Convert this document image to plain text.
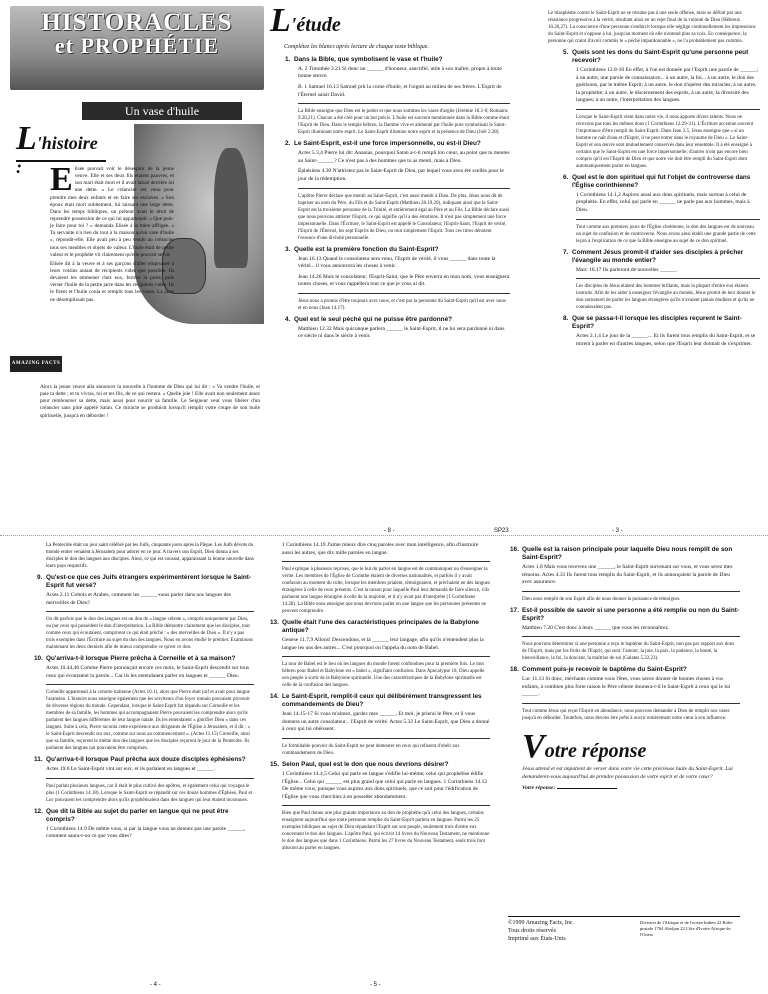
HISTORACLES
et PROPHÉTIE
Un vase d'huile
L'histoire : E lisée pouvait voir le désespoir de la jeune veuve. Elle et ses deux fils étaient pauvres, et son mari était mort et il avait laissé derrière lui une dette. « Le créancier est venu pour prendre mes deux enfants et en faire ses esclaves. » Son époux était mort subitement, lui laissant une large dette. Dans les temps bibliques, un prêteur avait le droit de reprendre possession de ce qui lui appartenait. « Que puis-je faire pour toi ? » demanda Elisée à la mère affligée. « Ta servante n'a rien du tout à la maison qu'un vase d'huile », répondit-elle. Elle avait peu à peu vendu au créancier tous ses meubles et objets de valeur. L'huile était de petite valeur et le prophète vit clairement qu'elle pouvait servir.

Elisée dit à la veuve et à ses garçons d'aller emprunter à leurs voisins autant de récipients vides que possible. Ils devaient les emmener chez eux, fermer la porte, puis verser l'huile de la petite jarre dans les récipients vides. Ils le firent et l'huile coula et remplit tous les vases. La jarre ne désemplissait pas.

AMAZING FACTS
Alors la jeune veuve alla annoncer la nouvelle à l'homme de Dieu qui lui dit : « Va vendre l'huile, et paie ta dette ; et tu vivras, toi et tes fils, de ce qui restera. » Quelle joie ! Elle avait non seulement assez pour rembourser sa dette, mais aussi pour nourrir sa famille. Le Seigneur veut vous libérer d'un créancier sans pitié appelé Satan. Ce miracle se produisit lorsqu'il remplit votre coupe de son huile spirituelle, jusqu'à en déborder !
L'étude
Complétez les blancs après lecture de chaque texte biblique.
1. Dans la Bible, que symbolisent le vase et l'huile?
A. 2 Timothée 2.21 Si donc un ______ d'honneur, sanctifié, utile à son maître, propre à toute bonne œuvre.
B. 1 Samuel 16.13 Samuel prit la corne d'huile, et l'oignit au milieu de ses frères. L'Esprit de l'Éternel saisit David.
La Bible enseigne que Dieu est le potier et que nous sommes les vases d'argile (Jérémie 18.1-6; Romains 9.20,21). Chacun a été créé pour un but précis. L'huile est souvent mentionnée dans la Bible comme étant l'Esprit de Dieu. Dans le temple hébreu, la flamme vive et alimenté par l'huile pure symbolisait le Saint-Esprit illuminant notre esprit. Le Saint-Esprit illumine notre esprit et la présence de Dieu (Joël 2.28).
2. Le Saint-Esprit, est-il une force impersonnelle, ou est-il Dieu?
Actes 5.3,4 Pierre lui dit: Ananias, pourquoi Satan a-t-il rempli ton cœur, au point que tu mentes au Saint-______? Ce n'est pas à des hommes que tu as menti, mais à Dieu.
Éphésiens 4.30 N'attristez pas le Saint-Esprit de Dieu, par lequel vous avez été scellés pour le jour de la rédemption.
L'apôtre Pierre déclare que mentir au Saint-Esprit, c'est aussi mentir à Dieu. De plus, Jésus nous dit de baptiser au nom du Père, du Fils et du Saint-Esprit (Matthieu 28.19,20), indiquant ainsi que le Saint-Esprit est la troisième personne de la Trinité, et entièrement égal au Père et au Fils. La Bible déclare aussi que nous pouvons attrister l'Esprit, ce qui signifie qu'il a des émotions. Il n'est pas simplement une force impersonnelle. Dans l'Écriture, le Saint-Esprit est appelé le Consolateur, l'Esprit-Saint, l'Esprit de vérité, l'Esprit de l'Éternel, les sept Esprits de Dieu, ou tout simplement l'Esprit. Tous ces titres dénotent l'essence d'une divinité personnelle.
3. Quelle est la première fonction du Saint-Esprit?
Jean 16.13 Quand le consolateur sera venu, l'Esprit de vérité, il vous ______ dans toute la vérité... il vous annoncera les choses à venir.
Jean 14.26 Mais le consolateur, l'Esprit-Saint, que le Père enverra en mon nom, vous enseignera toutes choses, et vous rappellera tout ce que je vous ai dit.
Jésus nous a promis d'être toujours avec nous, et c'est par la personne du Saint-Esprit qu'il est avec nous et en nous (Jean 14.17).
4. Quel est le seul péché qui ne puisse être pardonné?
Matthieu 12.32 Mais quiconque parlera ______ le Saint-Esprit, il ne lui sera pardonné ni dans ce siècle ni dans le siècle à venir.
- 8 -	SP23
Le blasphème contre le Saint-Esprit ne se résume pas à une seule offense, mais se définit par une résistance progressive à la vérité, résultant ainsi en un rejet final de la volonté de Dieu (Hébreux 10.26,27). La conscience d'une personne s'endurcit lorsque elle néglige continuellement les impressions du Saint-Esprit et s'oppose à lui, jusqu'au moment où elle n'entend plus sa voix. En conséquence, la personne qui craint d'avoir commis le « péché impardonnable », ne l'a probablement pas commis.
5. Quels sont les dons du Saint-Esprit qu'une personne peut recevoir?
1 Corinthiens 12.8-10 En effet, à l'un est donnée par l'Esprit une parole de ______; à un autre, une parole de connaissance... à un autre, la foi... à un autre, le don des guérisons, par le même Esprit; à un autre, le don d'opérer des miracles; à un autre, la prophétie; à un autre, le discernement des esprits, à un autre, la diversité des langues; à un autre, l'interprétation des langues.
Lorsque le Saint-Esprit vient dans notre vie, il nous apporte divers talents. Nous ne recevons pas tous les mêmes dons (1 Corinthiens 12.29-31). L'Écriture accentue souvent l'importance d'être rempli du Saint-Esprit. Dans Jean 3.5, Jésus enseigne que « si un homme ne naît d'eau et d'Esprit, il ne peut entrer dans le royaume de Dieu ». Le Saint-Esprit et son œuvre sont mutuellement conservés dans leur ensemble. Il a été enseigné à certains que le Saint-Esprit est une force impersonnelle; d'autres n'ont pas encore bien compris qu'il est l'Esprit de Dieu et que notre vie doit être rempli du Saint-Esprit dont automatiquement parler en langues.
6. Quel est le don spirituel qui fut l'objet de controverse dans l'Église corinthienne?
1 Corinthiens 14.1,2 Aspirez aussi aux dons spirituels, mais surtout à celui de prophétie. En effet, celui qui parle en ______ ne parle pas aux hommes, mais à Dieu.
Tout comme aux premiers jours de l'Église chrétienne, le don des langues est de nouveau un sujet de confusion et de controverse. Nous avons ainsi établi une grande partie de cette leçon à l'explication de ce que la Bible enseigne au sujet de ce don spirituel.
7. Comment Jésus promit-il d'aider ses disciples à prêcher l'évangile au monde entier?
Marc 16.17 Ils parleront de nouvelles ______.
Les disciples de Jésus étaient des hommes brillants, mais la plupart d'entre eux étaient instruits. Afin de les aider à enseigner l'évangile au monde, Jésus promit de leur donner le don surnaturel de parler les langues étrangères qu'ils n'avaient jamais étudiées et qu'ils ne connaissaient pas.
8. Que se passa-t-il lorsque les disciples reçurent le Saint-Esprit?
Actes 2.1,4 Le jour de la ______... Et ils furent tous remplis du Saint-Esprit, et se mirent à parler en d'autres langues, selon que l'Esprit leur donnait de s'exprimer.
- 3 -
La Pentecôte était un jour saint célébré par les Juifs, cinquante jours après la Pâque. Les Juifs dévots du monde entier venaient à Jérusalem pour adorer en ce jour. A travers son Esprit, Dieu donna à ses disciples le don des langues aux disciples. Ainsi, ce qui est courant, apparaissant la bonne nouvelle dans leurs pays respectifs.
9. Qu'est-ce que ces Juifs étrangers expérimentèrent lorsque le Saint-Esprit fut versé?
Actes 2.11 Crétois et Arabes, comment les ______-nous parler dans nos langues des merveilles de Dieu?
On dit parfois que le don des langues est un don de « langue céleste », compris uniquement par Dieu, ou par ceux qui possèdent le don d'interprétation. La Bible démontre clairement que les disciples, tout comme ceux qui écoutaient, comprirent ce qui était prêché : « des merveilles de Dieu ». Il n'y a pas trois exemples dans l'Écriture au sujet du don des langues. Nous en avons étudié le premier. Examinons maintenant les deux derniers afin de mieux comprendre ce qu'est ce don.
10. Qu'arriva-t-il lorsque Pierre prêcha à Corneille et à sa maison?
Actes 10.44,46 Comme Pierre prononçait encore ces mots, le Saint-Esprit descendit sur tous ceux qui écoutaient la parole... Car ils les entendaient parler en langues et ______ Dieu.
Corneille appartenait à la cohorte italienne (Actes 10.1), alors que Pierre était juif et avait pour langue l'araméen. L'histoire nous enseigne également que les serviteurs d'un foyer romain pouvaient provenir de diverses régions du monde. Cependant, lorsque le Saint-Esprit fut répandu sur Corneille et les membres de sa famille, les hommes qui accompagnaient Pierre pouvaient les comprendre alors qu'ils parlaient des langues différentes de leur langue natale. Ils les entendaient « glorifier Dieu » dans ces langues. Suite à cela, Pierre raconta cette expérience aux dirigeants de l'Église à Jérusalem, et il dit : « le Saint-Esprit descendit sur eux, comme sur nous au commencement ». (Actes 11.15) Corneille, ainsi que sa famille, reçurent le même don des langues que les disciples reçurent le jour de la Pentecôte. Ils parlaient des langues qui pouvaient être comprises.
11. Qu'arriva-t-il lorsque Paul prêcha aux douze disciples éphésiens?
Actes 19.6 Le Saint-Esprit vint sur eux, et ils parlaient en langues et ______.
Paul parlait plusieurs langues, car il était le plus cultivé des apôtres, et également celui qui voyagea le plus (1 Corinthiens 14.18). Lorsque le Saint-Esprit se répandit sur ces douze hommes d'Éphèse, Paul et Luc pouvaient les comprendre alors qu'ils prophétisaient dans des langues qui leur étaient inconnues.
12. Que dit la Bible au sujet du parler en langue qui ne peut être compris?
1 Corinthiens 14.9 De même vous, si par la langue vous ne donnez pas une parole ______, comment saura-t-on ce que vous dites?
- 4 -
1 Corinthiens 14.19 J'aime mieux dire cinq paroles avec mon intelligence, afin d'instruire aussi les autres, que dix mille paroles en langue.
Paul explique à plusieurs reprises, que le but du parler en langue est de communiquer ou d'enseigner la vérité. Les membres de l'Église de Corinthe étaient de diverses nationalités, et parfois il y avait confusion au moment du culte, lorsque les membres priaient, témoignaient, et prêchaient en des langues étrangères à celle de ceux présents. C'est la raison pour laquelle Paul leur demanda de faire silence, s'ils parlaient une langue étrangère à celle de la majorité, et il n'y avait pas d'interprète (1 Corinthiens 14.28). La Bible nous enseigne que nous devrions parler en une langue que les personnes présentes ne peuvent comprendre.
13. Quelle était l'une des caractéristiques principales de la Babylone antique?
Genèse 11.7,9 Allons! Descendons, et là ______ leur langage, afin qu'ils n'entendent plus la langue les uns des autres... C'est pourquoi on l'appela du nom de Babel.
La tour de Babel est le lieu où les langues du monde furent confondues pour la première fois. Le mot hébreu pour Babel et Babylone est « babel », signifiant confusion. Dans Apocalypse 18, Dieu appelle son peuple à sortir de la Babylone spirituelle. Une des caractéristiques de la Babylone spirituelle est celle de la confusion des langues.
14. Le Saint-Esprit, remplit-il ceux qui délibérément transgressent les commandements de Dieu?
Jean 14.15-17 Si vous m'aimez, gardez mes ______. Et moi, je prierai le Père, et il vous donnera un autre consolateur... l'Esprit de vérité. Actes 5.32 Le Saint-Esprit, que Dieu a donné à ceux qui lui obéissent.
Le formidable pouvoir du Saint-Esprit ne peut demeurer en ceux qui refusent d'obéir aux commandements de Dieu.
15. Selon Paul, quel est le don que nous devrions désirer?
1 Corinthiens 14.4,5 Celui qui parle en langue s'édifie lui-même; celui qui prophétise édifie l'Église... Celui qui ______ est plus grand que celui qui parle en langues. 1 Corinthiens 14.12 De même vous, puisque vous aspirez aux dons spirituels, que ce soit pour l'édification de l'Église que vous cherchiez à en posséder abondamment.
Bien que Paul donne une plus grande importance au don de prophétie qu'à celui des langues, certains enseignent aujourd'hui que toute personne remplie du Saint-Esprit parlera en langues. Parmi les 25 exemples bibliques au sujet de Dieu répandant l'Esprit sur son peuple, seulement trois d'entre eux concernent le don des langues. L'apôtre Paul, qui écrivit 14 livres du Nouveau Testament, ne mentionne le don des langues que dans 1 Corinthiens. Parmi les 27 livres du Nouveau Testament, seuls trois font allusion au parler en langues.
- 5 -
16. Quelle est la raison principale pour laquelle Dieu nous remplit de son Saint-Esprit?
Actes 1.8 Mais vous recevrez une ______, le Saint-Esprit survenant sur vous, et vous serez mes témoins. Actes 4.31 Ils furent tous remplis du Saint-Esprit, et ils annonçaient la parole de Dieu avec assurance.
Dieu nous remplit de son Esprit afin de nous donner la puissance de témoigner.
17. Est-il possible de savoir si une personne a été remplie ou non du Saint-Esprit?
Matthieu 7.20 C'est donc à leurs ______ que vous les reconnaîtrez.
Nous pouvons déterminer si une personne a reçu le baptême du Saint-Esprit, non pas par rapport aux dons de l'Esprit, mais par les fruits de l'Esprit, qui sont: l'amour, la joie, la paix, la patience, la bonté, la bienveillance, la foi, la douceur, la maîtrise de soi (Galates 5.22,23).
18. Comment puis-je recevoir le baptême du Saint-Esprit?
Luc 11.13 Si donc, méchants comme vous l'êtes, vous savez donner de bonnes choses à vos enfants, à combien plus forte raison le Père céleste donnera-t-il le Saint-Esprit à ceux qui le lui ______.
Tout comme Jésus qui reçut l'Esprit en abondance, nous pouvons demander à Dieu de remplir nos vases jusqu'à en déborder. Toutefois, nous devons être prêts à ouvrir entièrement notre cœur à son influence.
Votre réponse
Jésus attend et est impatient de verser dans votre vie cette précieuse huile du Saint-Esprit. Lui demanderez-vous aujourd'hui de prendre possession de votre esprit et de votre cœur?
Votre réponse:
©1999 Amazing Facts, Inc.
Tous droits réservés
Imprimé aux États-Unis
Division de l'Afrique et de l'océan Indien 22 Boîte postale 1764 Abidjan 22 Côte d'Ivoire Afrique de l'Ouest
